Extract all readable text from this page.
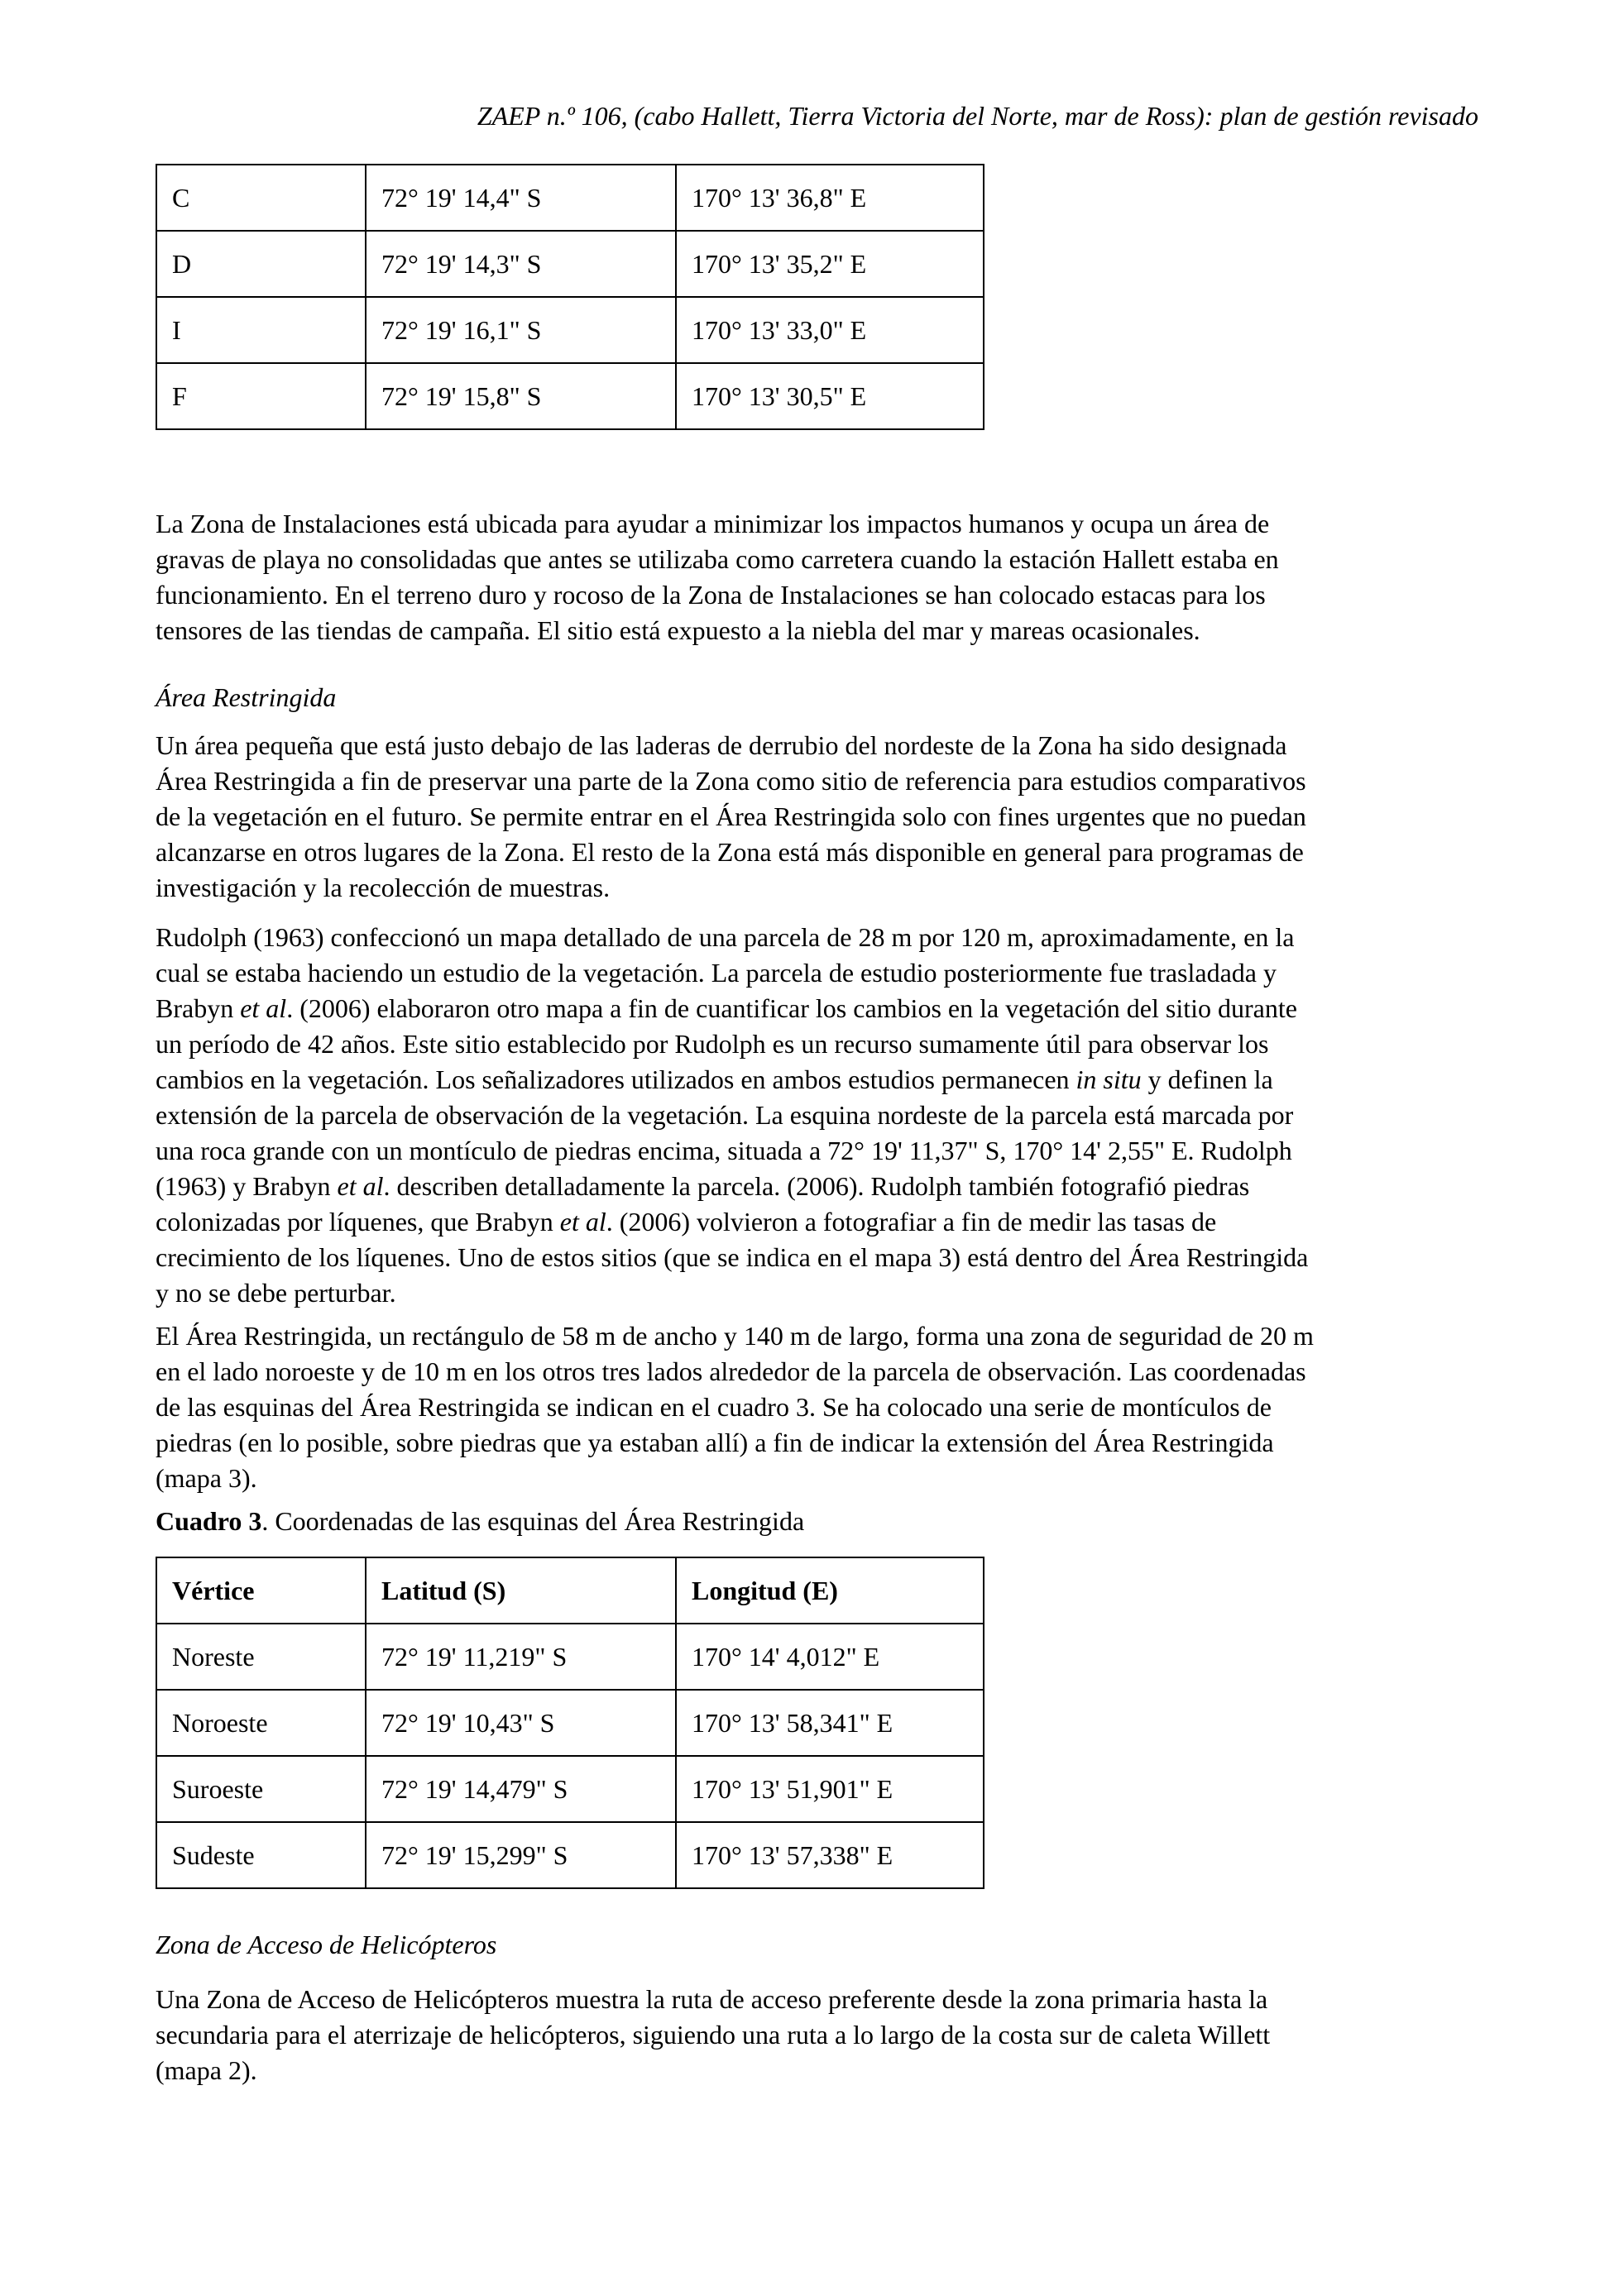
ZAEP n.º 106, (cabo Hallett, Tierra Victoria del Norte, mar de Ross): plan de gestión revisado
C	72° 19' 14,4" S	170° 13' 36,8" E
D	72° 19' 14,3" S	170° 13' 35,2" E
I	72° 19' 16,1" S	170° 13' 33,0" E
F	72° 19' 15,8" S	170° 13' 30,5" E
La Zona de Instalaciones está ubicada para ayudar a minimizar los impactos humanos y ocupa un área de
gravas de playa no consolidadas que antes se utilizaba como carretera cuando la estación Hallett estaba en
funcionamiento. En el terreno duro y rocoso de la Zona de Instalaciones se han colocado estacas para los
tensores de las tiendas de campaña. El sitio está expuesto a la niebla del mar y mareas ocasionales.
Área Restringida
Un área pequeña que está justo debajo de las laderas de derrubio del nordeste de la Zona ha sido designada
Área Restringida a fin de preservar una parte de la Zona como sitio de referencia para estudios comparativos
de la vegetación en el futuro. Se permite entrar en el Área Restringida solo con fines urgentes que no puedan
alcanzarse en otros lugares de la Zona. El resto de la Zona está más disponible en general para programas de
investigación y la recolección de muestras.
Rudolph (1963) confeccionó un mapa detallado de una parcela de 28 m por 120 m, aproximadamente, en la
cual se estaba haciendo un estudio de la vegetación. La parcela de estudio posteriormente fue trasladada y
Brabyn et al. (2006) elaboraron otro mapa a fin de cuantificar los cambios en la vegetación del sitio durante
un período de 42 años. Este sitio establecido por Rudolph es un recurso sumamente útil para observar los
cambios en la vegetación. Los señalizadores utilizados en ambos estudios permanecen in situ y definen la
extensión de la parcela de observación de la vegetación. La esquina nordeste de la parcela está marcada por
una roca grande con un montículo de piedras encima, situada a 72° 19' 11,37" S, 170° 14' 2,55" E. Rudolph
(1963) y Brabyn et al. describen detalladamente la parcela. (2006). Rudolph también fotografió piedras
colonizadas por líquenes, que Brabyn et al. (2006) volvieron a fotografiar a fin de medir las tasas de
crecimiento de los líquenes. Uno de estos sitios (que se indica en el mapa 3) está dentro del Área Restringida
y no se debe perturbar.
El Área Restringida, un rectángulo de 58 m de ancho y 140 m de largo, forma una zona de seguridad de 20 m
en el lado noroeste y de 10 m en los otros tres lados alrededor de la parcela de observación. Las coordenadas
de las esquinas del Área Restringida se indican en el cuadro 3. Se ha colocado una serie de montículos de
piedras (en lo posible, sobre piedras que ya estaban allí) a fin de indicar la extensión del Área Restringida
(mapa 3).
Cuadro 3. Coordenadas de las esquinas del Área Restringida
Vértice	Latitud (S)	Longitud (E)
Noreste	72° 19' 11,219" S	170° 14' 4,012" E
Noroeste	72° 19' 10,43" S	170° 13' 58,341" E
Suroeste	72° 19' 14,479" S	170° 13' 51,901" E
Sudeste	72° 19' 15,299" S	170° 13' 57,338" E
Zona de Acceso de Helicópteros
Una Zona de Acceso de Helicópteros muestra la ruta de acceso preferente desde la zona primaria hasta la
secundaria para el aterrizaje de helicópteros, siguiendo una ruta a lo largo de la costa sur de caleta Willett
(mapa 2).
